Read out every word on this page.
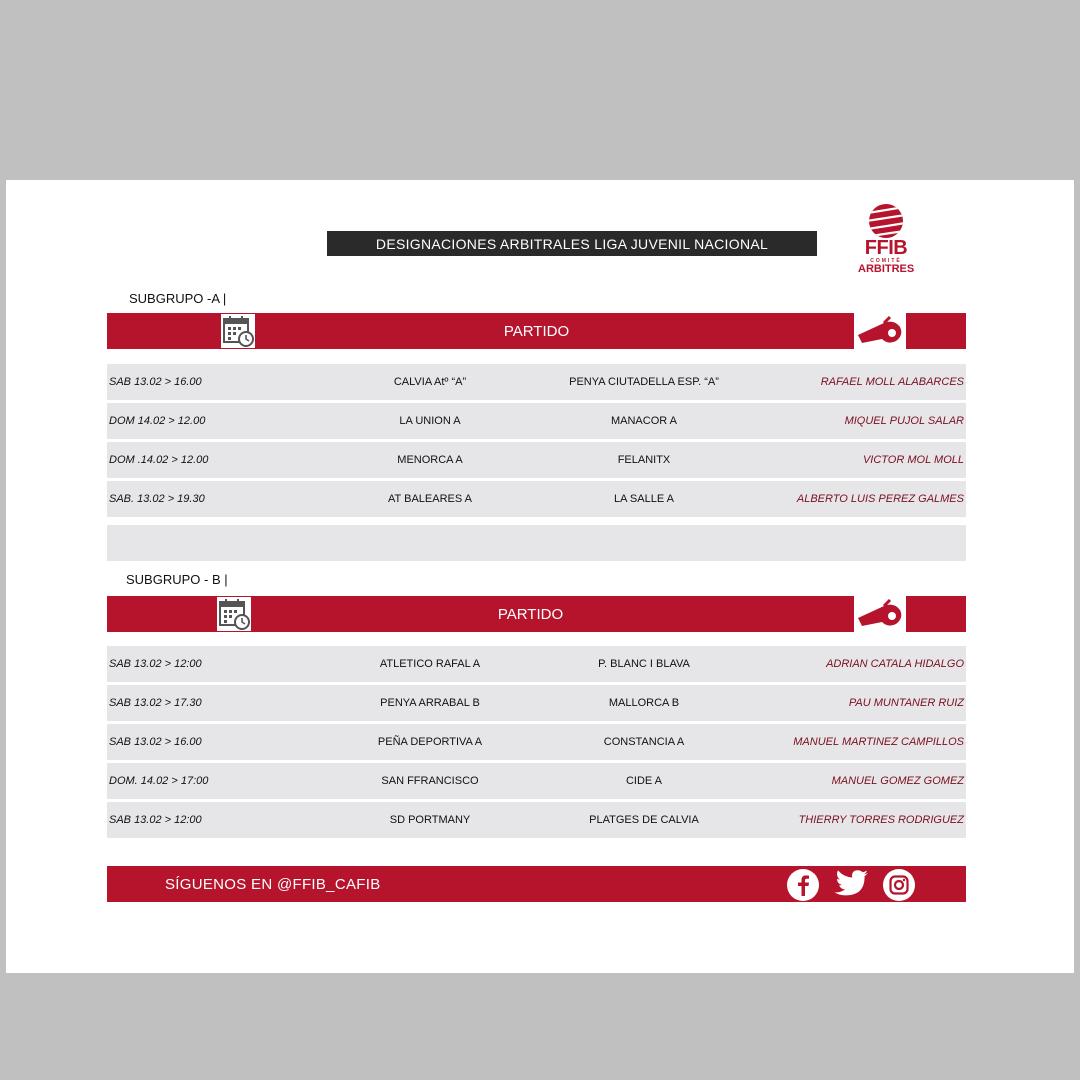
DESIGNACIONES ARBITRALES LIGA JUVENIL NACIONAL	FFIB
COMITÉ
ARBITRES
SUBGRUPO -A |
PARTIDO
SAB 13.02 > 16.00	CALVIA Atº “A”	PENYA CIUTADELLA ESP. “A”	RAFAEL MOLL ALABARCES
DOM 14.02 > 12.00	LA UNION A	MANACOR A	MIQUEL PUJOL SALAR
DOM .14.02 > 12.00	MENORCA A	FELANITX	VICTOR MOL MOLL
SAB. 13.02 > 19.30	AT BALEARES A	LA SALLE A	ALBERTO LUIS PEREZ GALMES
SUBGRUPO - B |
PARTIDO
SAB 13.02 > 12:00	ATLETICO RAFAL A	P. BLANC I BLAVA	ADRIAN CATALA HIDALGO
SAB 13.02 > 17.30	PENYA ARRABAL B	MALLORCA B	PAU MUNTANER RUIZ
SAB 13.02 > 16.00	PEÑA DEPORTIVA A	CONSTANCIA A	MANUEL MARTINEZ CAMPILLOS
DOM. 14.02 > 17:00	SAN FFRANCISCO	CIDE A	MANUEL GOMEZ GOMEZ
SAB 13.02 > 12:00	SD PORTMANY	PLATGES DE CALVIA	THIERRY TORRES RODRIGUEZ
SÍGUENOS EN @FFIB_CAFIB
